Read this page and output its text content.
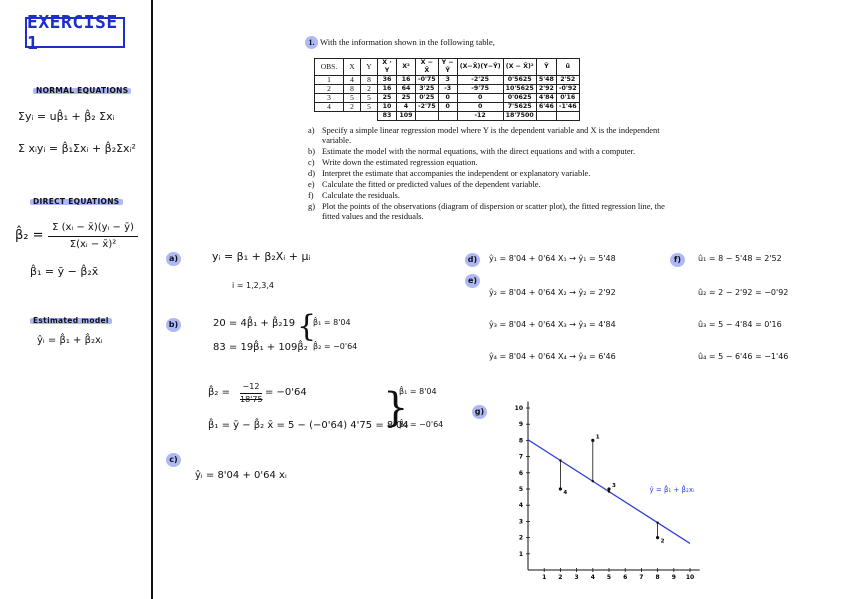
EXERCISE 1
NORMAL EQUATIONS
Σyᵢ = uβ̂₁ + β̂₂ Σxᵢ
Σ xᵢyᵢ = β̂₁Σxᵢ + β̂₂Σxᵢ²
DIRECT EQUATIONS
β̂₂ =
Σ (xᵢ − x̄)(yᵢ − ȳ)
Σ(xᵢ − x̄)²
β̂₁ = ȳ − β̂₂x̄
Estimated model
ŷᵢ = β̂₁ + β̂₂xᵢ
1. With the information shown in the following table,
OBS.	X	Y	X · Y	X²	X − X̄	Y − Ȳ	(X−X̄)(Y−Ȳ)	(X − X̄)²	Ŷ	û
1	4	8	36	16	-0'75	3	-2'25	0'5625	5'48	2'52
2	8	2	16	64	3'25	-3	-9'75	10'5625	2'92	-0'92
3	5	5	25	25	0'25	0	0	0'0625	4'84	0'16
4	2	5	10	4	-2'75	0	0	7'5625	6'46	-1'46
			83	109			-12	18'7500		
a) Specify a simple linear regression model where Y is the dependent variable and X is the independent variable.
b) Estimate the model with the normal equations, with the direct equations and with a computer.
c) Write down the estimated regression equation.
d) Interpret the estimate that accompanies the independent or explanatory variable.
e) Calculate the fitted or predicted values of the dependent variable.
f)	Calculate the residuals.
g) Plot the points of the observations (diagram of dispersion or scatter plot), the fitted regression line, the fitted values and the residuals.
a)	yᵢ = β₁ + β₂Xᵢ + μᵢ
i = 1,2,3,4
b)	20 = 4β̂₁ + β̂₂19
83 = 19β̂₁ + 109β̂₂
{
β̂₁ = 8'04
β̂₂ = −0'64
β̂₂ =
−12
18'75
= −0'64
β̂₁ = ȳ − β̂₂ x̄ = 5 − (−0'64) 4'75 = 8'04
}
β̂₁ = 8'04
β̂₂ = −0'64
c)
ŷᵢ = 8'04 + 0'64 xᵢ
d)
e)
ŷ₁ = 8'04 + 0'64 X₁ → ŷ₁ = 5'48
ŷ₂ = 8'04 + 0'64 X₂ → ŷ₂ = 2'92
ŷ₃ = 8'04 + 0'64 X₃ → ŷ₃ = 4'84
ŷ₄ = 8'04 + 0'64 X₄ → ŷ₄ = 6'46
f)	û₁ = 8 − 5'48 = 2'52
û₂ = 2 − 2'92 = −0'92
û₃ = 5 − 4'84 = 0'16
û₄ = 5 − 6'46 = −1'46
g)
1 2 3 4 5 6 7 8 9 10
1
2
3
4
5
6
7
8
9
10
4
1
3
2
ŷ = β̂₁ + β̂₂xᵢ
